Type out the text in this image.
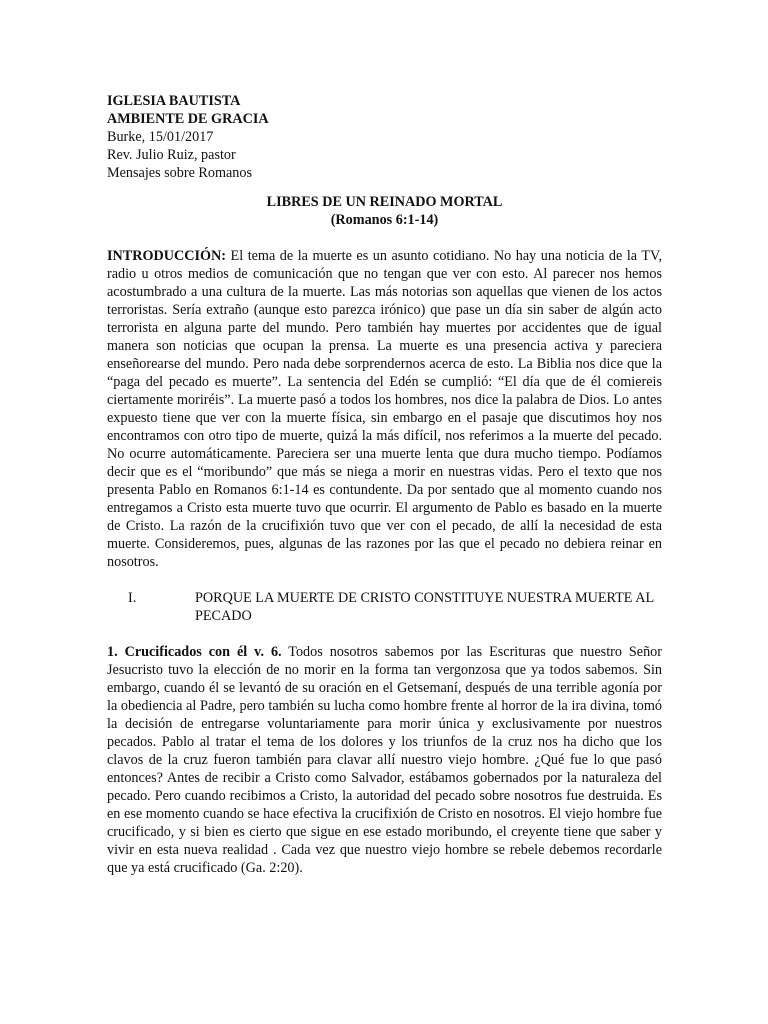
IGLESIA BAUTISTA
AMBIENTE DE GRACIA
Burke, 15/01/2017
Rev. Julio Ruiz, pastor
Mensajes sobre Romanos
LIBRES DE UN REINADO MORTAL
(Romanos 6:1-14)

INTRODUCCIÓN: El tema de la muerte es un asunto cotidiano. No hay una noticia de la TV, radio u otros medios de comunicación que no tengan que ver con esto. Al parecer nos hemos acostumbrado a una cultura de la muerte. Las más notorias son aquellas que vienen de los actos terroristas. Sería extraño (aunque esto parezca irónico) que pase un día sin saber de algún acto terrorista en alguna parte del mundo. Pero también hay muertes por accidentes que de igual manera son noticias que ocupan la prensa. La muerte es una presencia activa y pareciera enseñorearse del mundo. Pero nada debe sorprendernos acerca de esto. La Biblia nos dice que la “paga del pecado es muerte”. La sentencia del Edén se cumplió: “El día que de él comiereis ciertamente moriréis”. La muerte pasó a todos los hombres, nos dice la palabra de Dios. Lo antes expuesto tiene que ver con la muerte física, sin embargo en el pasaje que discutimos hoy nos encontramos con otro tipo de muerte, quizá la más difícil, nos referimos a la muerte del pecado. No ocurre automáticamente. Pareciera ser una muerte lenta que dura mucho tiempo. Podíamos decir que es el “moribundo” que más se niega a morir en nuestras vidas. Pero el texto que nos presenta Pablo en Romanos 6:1-14 es contundente. Da por sentado que al momento cuando nos entregamos a Cristo esta muerte tuvo que ocurrir. El argumento de Pablo es basado en la muerte de Cristo. La razón de la crucifixión tuvo que ver con el pecado, de allí la necesidad de esta muerte. Consideremos, pues, algunas de las razones por las que el pecado no debiera reinar en nosotros.

I.	PORQUE LA MUERTE DE CRISTO CONSTITUYE NUESTRA MUERTE AL PECADO

1. Crucificados con él v. 6. Todos nosotros sabemos por las Escrituras que nuestro Señor Jesucristo tuvo la elección de no morir en la forma tan vergonzosa que ya todos sabemos. Sin embargo, cuando él se levantó de su oración en el Getsemaní, después de una terrible agonía por la obediencia al Padre, pero también su lucha como hombre frente al horror de la ira divina, tomó la decisión de entregarse voluntariamente para morir única y exclusivamente por nuestros pecados. Pablo al tratar el tema de los dolores y los triunfos de la cruz nos ha dicho que los clavos de la cruz fueron también para clavar allí nuestro viejo hombre. ¿Qué fue lo que pasó entonces? Antes de recibir a Cristo como Salvador, estábamos gobernados por la naturaleza del pecado. Pero cuando recibimos a Cristo, la autoridad del pecado sobre nosotros fue destruida. Es en ese momento cuando se hace efectiva la crucifixión de Cristo en nosotros. El viejo hombre fue crucificado, y si bien es cierto que sigue en ese estado moribundo, el creyente tiene que saber y vivir en esta nueva realidad . Cada vez que nuestro viejo hombre se rebele debemos recordarle que ya está crucificado (Ga. 2:20).
